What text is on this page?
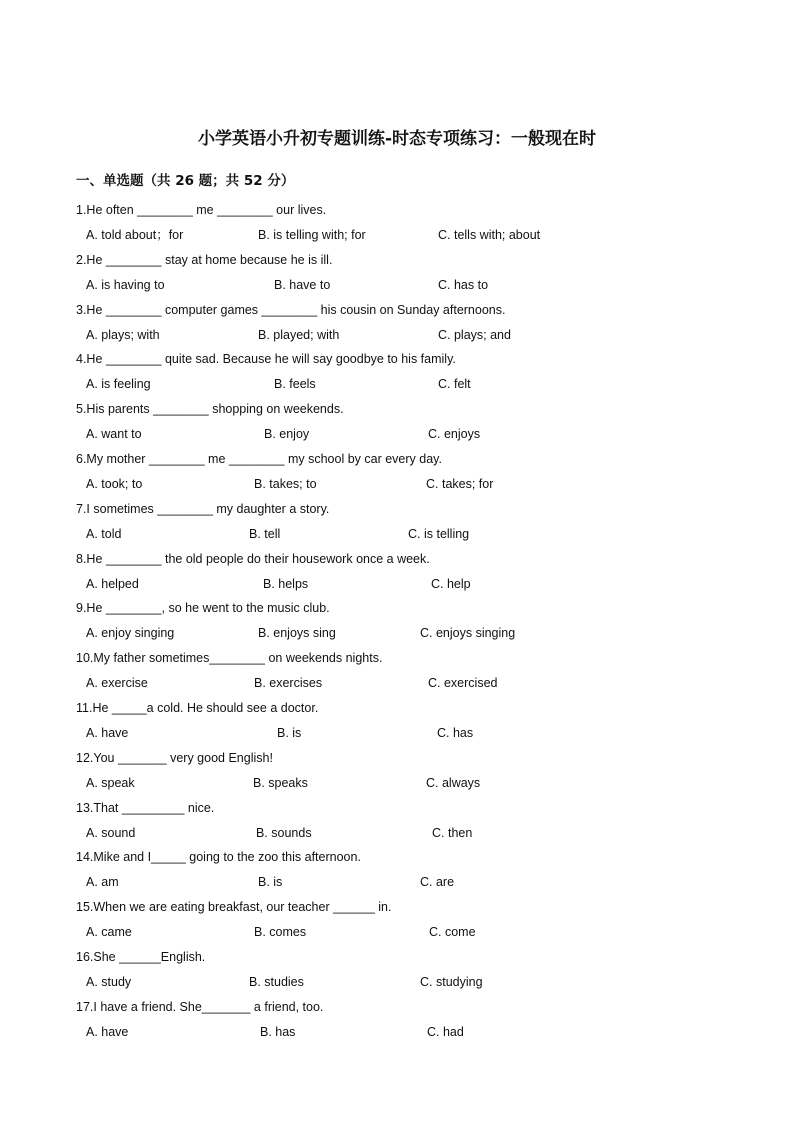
小学英语小升初专题训练-时态专项练习：一般现在时
一、单选题（共 26 题；共 52 分）
1.He often ________ me ________ our lives.
A. told about；for	B. is telling with; for	C. tells with; about
2.He ________ stay at home because he is ill.
A. is having to	B. have to	C. has to
3.He ________ computer games ________ his cousin on Sunday afternoons.
A. plays; with	B. played; with	C. plays; and
4.He ________ quite sad. Because he will say goodbye to his family.
A. is feeling	B. feels	C. felt
5.His parents ________ shopping on weekends.
A. want to	B. enjoy	C. enjoys
6.My mother ________ me ________ my school by car every day.
A. took; to	B. takes; to	C. takes; for
7.I sometimes ________ my daughter a story.
A. told	B. tell	C. is telling
8.He ________ the old people do their housework once a week.
A. helped	B. helps	C. help
9.He ________, so he went to the music club.
A. enjoy singing	B. enjoys sing	C. enjoys singing
10.My father sometimes________ on weekends nights.
A. exercise	B. exercises	C. exercised
11.He _____a cold. He should see a doctor.
A. have	B. is	C. has
12.You _______ very good English!
A. speak	B. speaks	C. always
13.That _________ nice.
A. sound	B. sounds	C. then
14.Mike and I_____ going to the zoo this afternoon.
A. am	B. is	C. are
15.When we are eating breakfast, our teacher ______ in.
A. came	B. comes	C. come
16.She ______English.
A. study	B. studies	C. studying
17.I have a friend. She_______ a friend, too.
A. have	B. has	C. had
